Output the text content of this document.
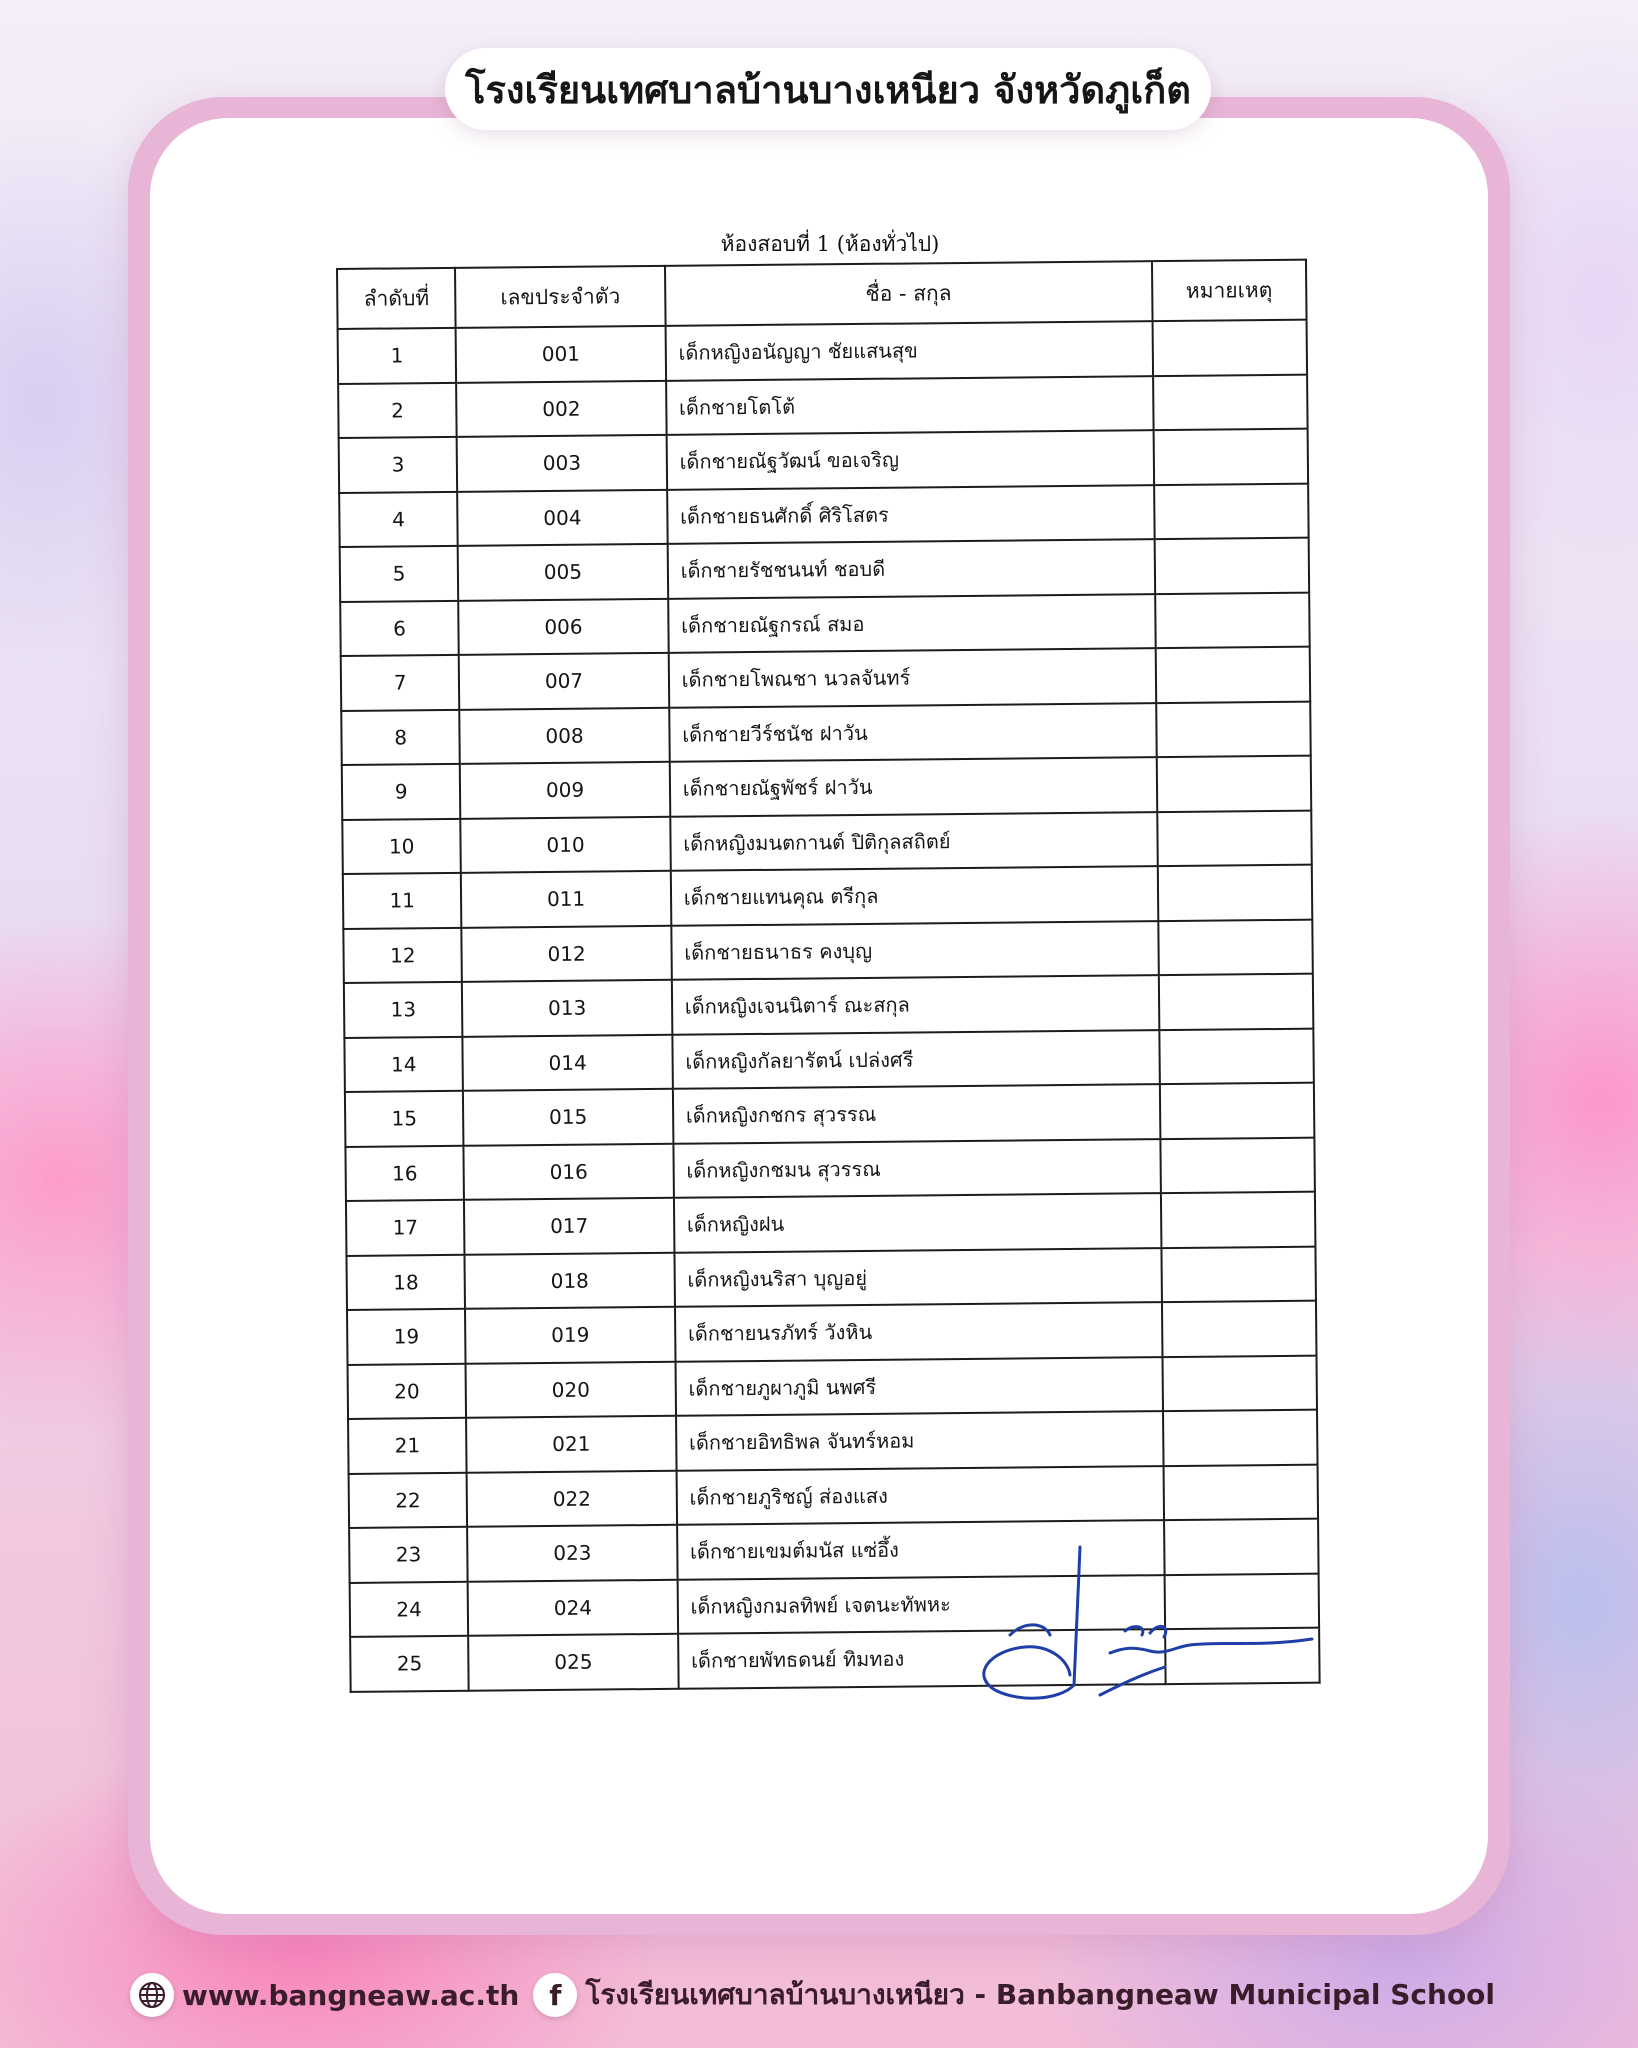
โรงเรียนเทศบาลบ้านบางเหนียว จังหวัดภูเก็ต
ห้องสอบที่ 1 (ห้องทั่วไป)
ลำดับที่	เลขประจำตัว	ชื่อ - สกุล	หมายเหตุ
1	001	เด็กหญิงอนัญญา ชัยแสนสุข	
2	002	เด็กชายโตโต้	
3	003	เด็กชายณัฐวัฒน์ ขอเจริญ	
4	004	เด็กชายธนศักดิ์ ศิริโสตร	
5	005	เด็กชายรัชชนนท์ ชอบดี	
6	006	เด็กชายณัฐกรณ์ สมอ	
7	007	เด็กชายโพณชา นวลจันทร์	
8	008	เด็กชายวีร์ชนัช ฝาวัน	
9	009	เด็กชายณัฐพัชร์ ฝาวัน	
10	010	เด็กหญิงมนตกานต์ ปิติกุลสถิตย์	
11	011	เด็กชายแทนคุณ ตรีกุล	
12	012	เด็กชายธนาธร คงบุญ	
13	013	เด็กหญิงเจนนิตาร์ ณะสกุล	
14	014	เด็กหญิงกัลยารัตน์ เปล่งศรี	
15	015	เด็กหญิงกชกร สุวรรณ	
16	016	เด็กหญิงกชมน สุวรรณ	
17	017	เด็กหญิงฝน	
18	018	เด็กหญิงนริสา บุญอยู่	
19	019	เด็กชายนรภัทร์ วังหิน	
20	020	เด็กชายภูผาภูมิ นพศรี	
21	021	เด็กชายอิทธิพล จันทร์หอม	
22	022	เด็กชายภูริชญ์ ส่องแสง	
23	023	เด็กชายเขมต์มนัส แซ่อึ้ง	
24	024	เด็กหญิงกมลทิพย์ เจตนะทัพหะ	
25	025	เด็กชายพัทธดนย์ ทิมทอง	
www.bangneaw.ac.th f โรงเรียนเทศบาลบ้านบางเหนียว - Banbangneaw Municipal School
